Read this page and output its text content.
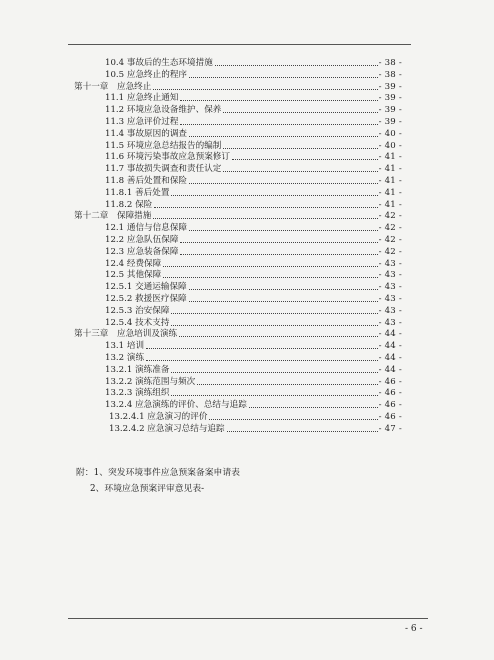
10.4 事故后的生态环境措施	- 38 -
10.5 应急终止的程序	- 38 -
第十一章　应急终止	- 39 -
11.1 应急终止通知	- 39 -
11.2 环境应急设备维护、保养	- 39 -
11.3 应急评价过程	- 39 -
11.4 事故原因的调查	- 40 -
11.5 环境应急总结报告的编制	- 40 -
11.6 环境污染事故应急预案修订	- 41 -
11.7 事故损失调查和责任认定	- 41 -
11.8 善后处置和保险	- 41 -
11.8.1 善后处置	- 41 -
11.8.2 保险	- 41 -
第十二章　保障措施	- 42 -
12.1 通信与信息保障	- 42 -
12.2 应急队伍保障	- 42 -
12.3 应急装备保障	- 42 -
12.4 经费保障	- 43 -
12.5 其他保障	- 43 -
12.5.1 交通运输保障	- 43 -
12.5.2 救援医疗保障	- 43 -
12.5.3 治安保障	- 43 -
12.5.4 技术支持	- 43 -
第十三章　应急培训及演练	- 44 -
13.1 培训	- 44 -
13.2 演练	- 44 -
13.2.1 演练准备	- 44 -
13.2.2 演练范围与频次	- 46 -
13.2.3 演练组织	- 46 -
13.2.4 应急演练的评价、总结与追踪	- 46 -
13.2.4.1 应急演习的评价	- 46 -
13.2.4.2 应急演习总结与追踪	- 47 -
附：1、突发环境事件应急预案备案申请表
2、环境应急预案评审意见表-
- 6 -
